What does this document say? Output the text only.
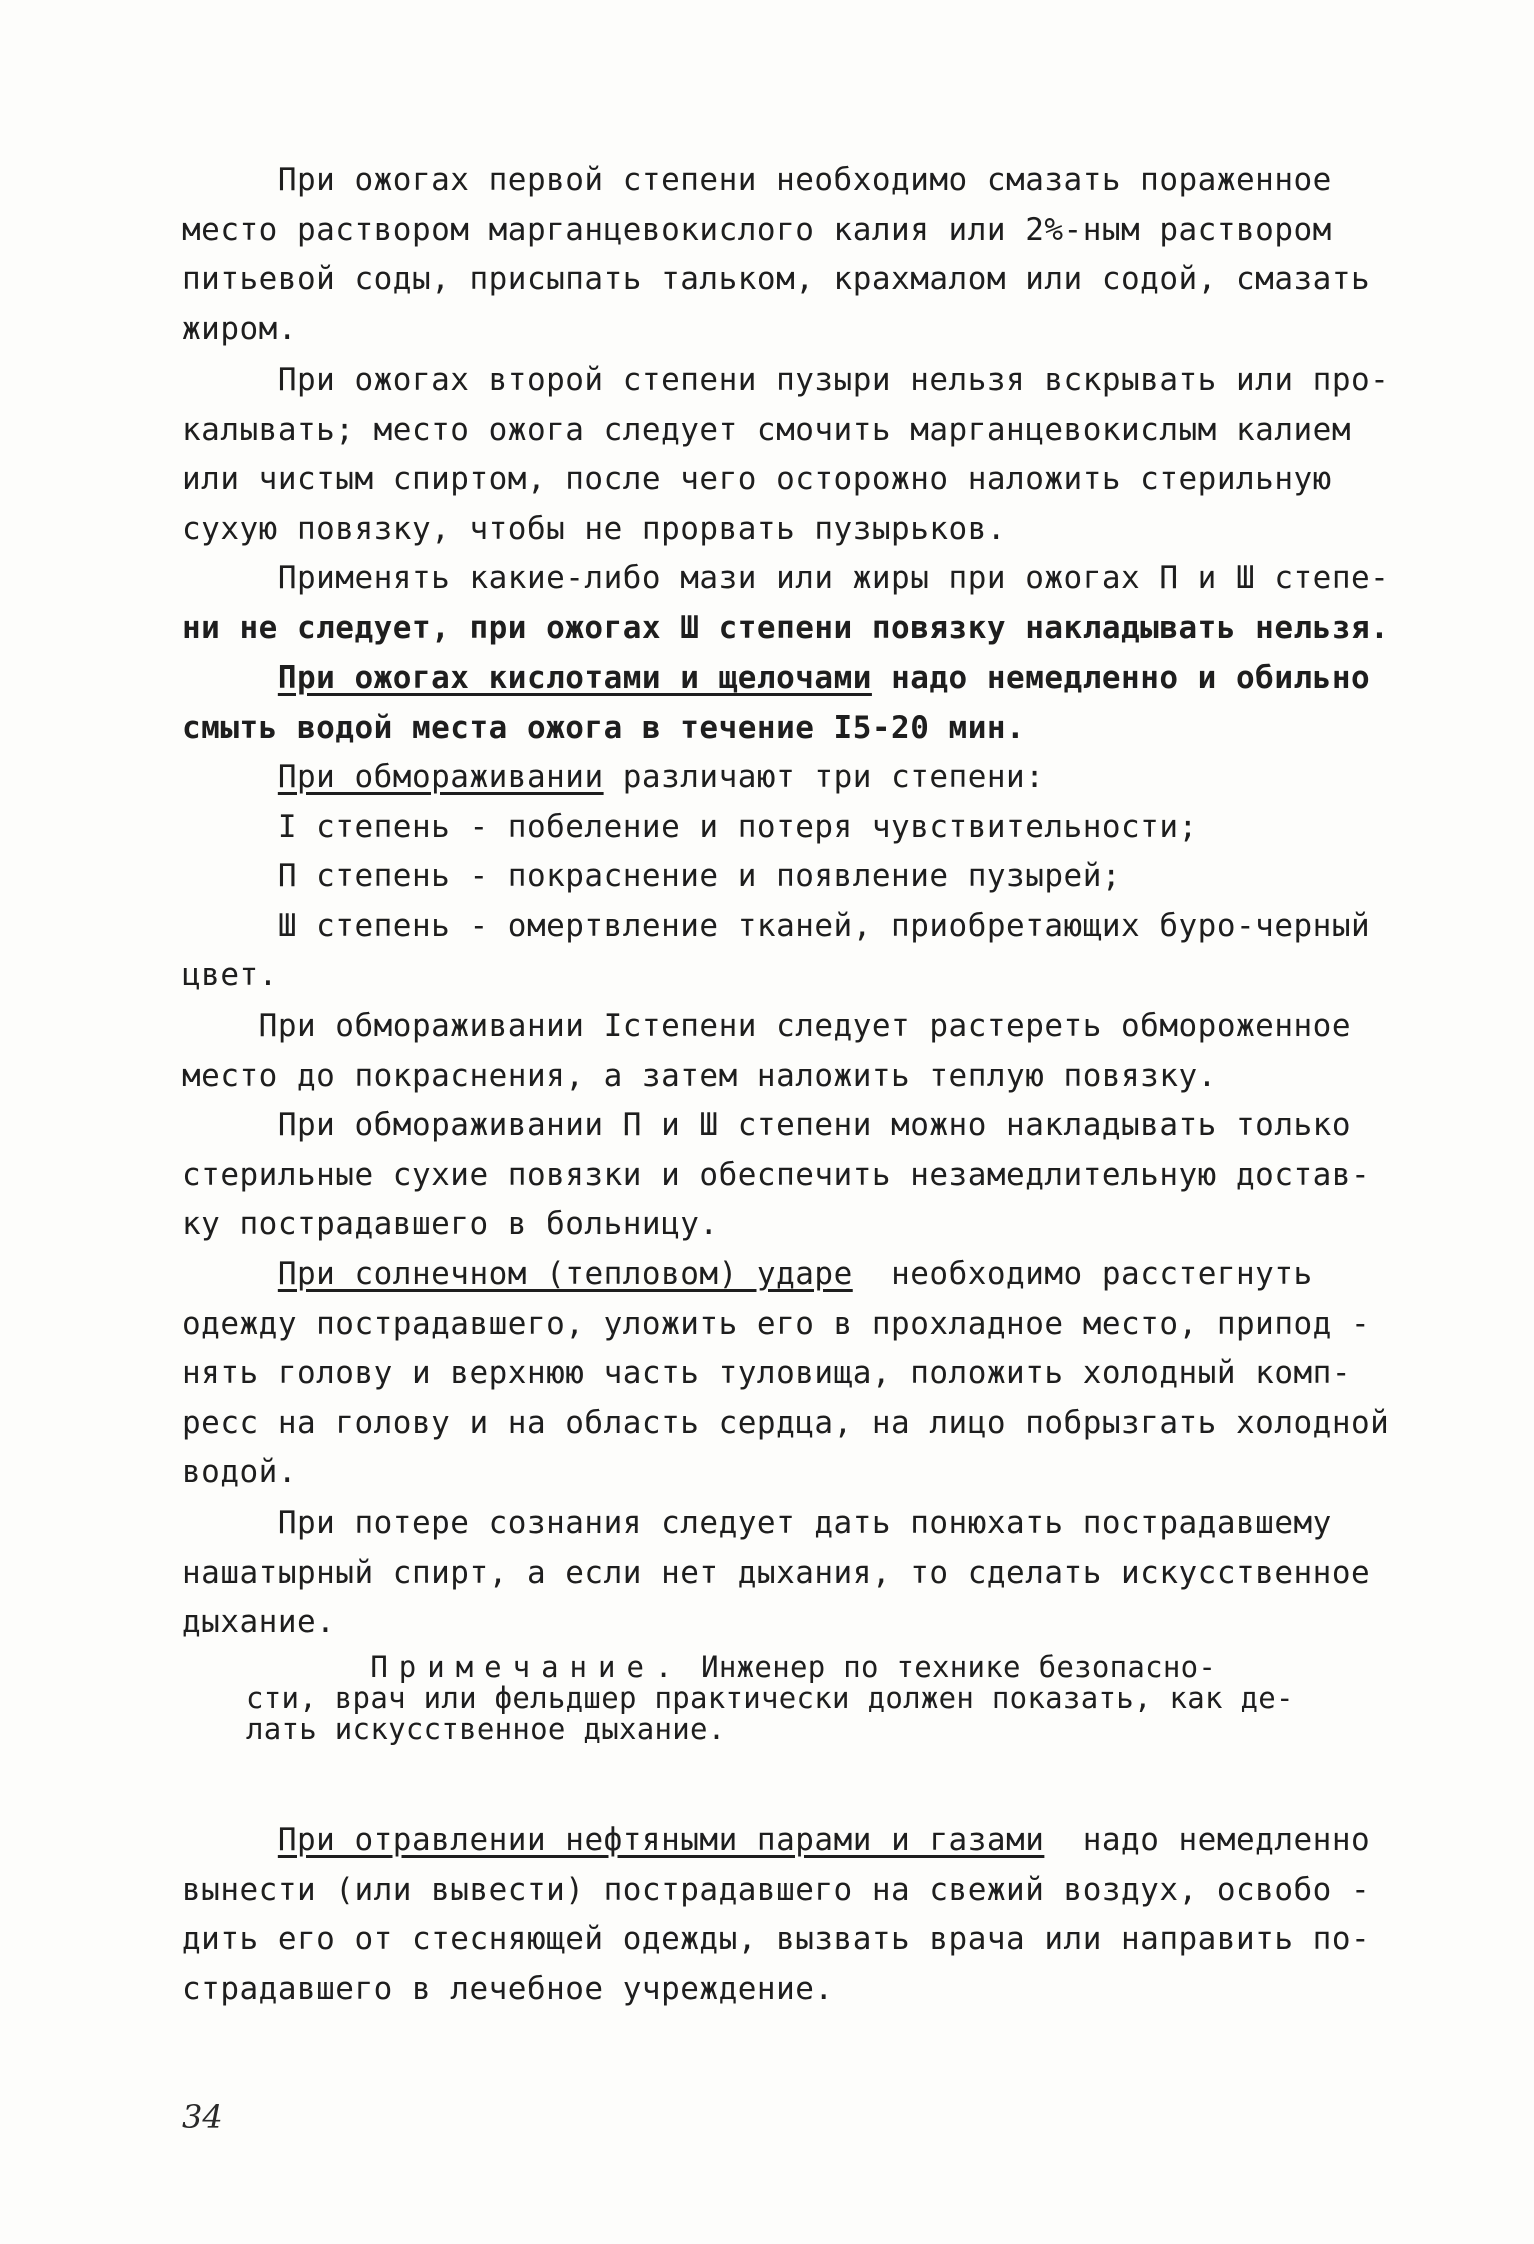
При ожогах первой степени необходимо смазать пораженное
место раствором марганцевокислого калия или 2%-ным раствором
питьевой соды, присыпать тальком, крахмалом или содой, смазать
жиром.
При ожогах второй степени пузыри нельзя вскрывать или про-
калывать; место ожога следует смочить марганцевокислым калием
или чистым спиртом, после чего осторожно наложить стерильную
сухую повязку, чтобы не прорвать пузырьков.
Применять какие-либо мази или жиры при ожогах П и Ш степе-
ни не следует, при ожогах Ш степени повязку накладывать нельзя.
При ожогах кислотами и щелочами надо немедленно и обильно
смыть водой места ожога в течение I5-20 мин.
При обмораживании различают три степени:
I степень - побеление и потеря чувствительности;
П степень - покраснение и появление пузырей;
Ш степень - омертвление тканей, приобретающих буро-черный
цвет.
При обмораживании Iстепени следует растереть обмороженное
место до покраснения, а затем наложить теплую повязку.
При обмораживании П и Ш степени можно накладывать только
стерильные сухие повязки и обеспечить незамедлительную достав-
ку пострадавшего в больницу.
При солнечном (тепловом) ударе  необходимо расстегнуть
одежду пострадавшего, уложить его в прохладное место, припод -
нять голову и верхнюю часть туловища, положить холодный комп-
ресс на голову и на область сердца, на лицо побрызгать холодной
водой.
При потере сознания следует дать понюхать пострадавшему
нашатырный спирт, а если нет дыхания, то сделать искусственное
дыхание.
Примечание. Инженер по технике безопасно-
сти, врач или фельдшер практически должен показать, как де-
лать искусственное дыхание.
При отравлении нефтяными парами и газами  надо немедленно
вынести (или вывести) пострадавшего на свежий воздух, освобо -
дить его от стесняющей одежды, вызвать врача или направить по-
страдавшего в лечебное учреждение.
34
